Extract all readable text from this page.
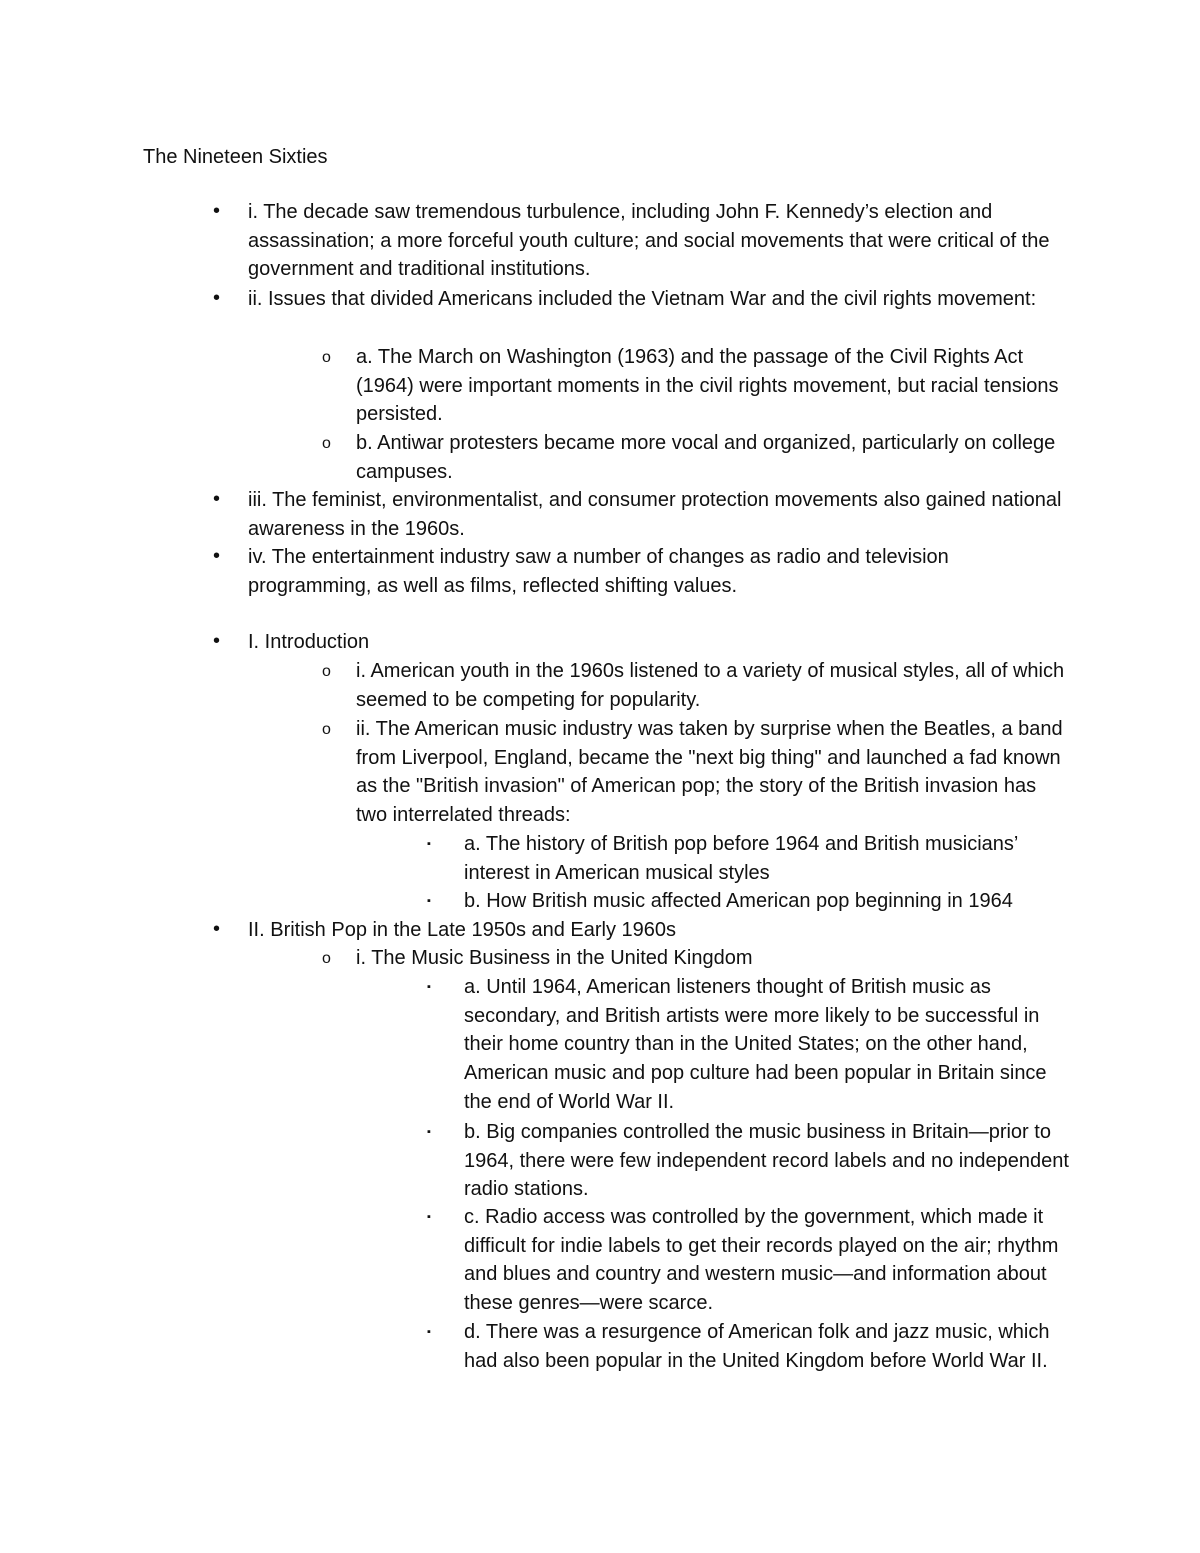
The Nineteen Sixties
• i. The decade saw tremendous turbulence, including John F. Kennedy’s election and assassination; a more forceful youth culture; and social movements that were critical of the government and traditional institutions.
• ii. Issues that divided Americans included the Vietnam War and the civil rights movement:
o a. The March on Washington (1963) and the passage of the Civil Rights Act (1964) were important moments in the civil rights movement, but racial tensions persisted.
o b. Antiwar protesters became more vocal and organized, particularly on college campuses.
• iii. The feminist, environmentalist, and consumer protection movements also gained national awareness in the 1960s.
• iv. The entertainment industry saw a number of changes as radio and television programming, as well as films, reflected shifting values.
• I. Introduction
o i. American youth in the 1960s listened to a variety of musical styles, all of which seemed to be competing for popularity.
o ii. The American music industry was taken by surprise when the Beatles, a band from Liverpool, England, became the "next big thing" and launched a fad known as the "British invasion" of American pop; the story of the British invasion has two interrelated threads:
▪ a. The history of British pop before 1964 and British musicians’ interest in American musical styles
▪ b. How British music affected American pop beginning in 1964
• II. British Pop in the Late 1950s and Early 1960s
o i. The Music Business in the United Kingdom
▪ a. Until 1964, American listeners thought of British music as secondary, and British artists were more likely to be successful in their home country than in the United States; on the other hand, American music and pop culture had been popular in Britain since the end of World War II.
▪ b. Big companies controlled the music business in Britain—prior to 1964, there were few independent record labels and no independent radio stations.
▪ c. Radio access was controlled by the government, which made it difficult for indie labels to get their records played on the air; rhythm and blues and country and western music—and information about these genres—were scarce.
▪ d. There was a resurgence of American folk and jazz music, which had also been popular in the United Kingdom before World War II.
